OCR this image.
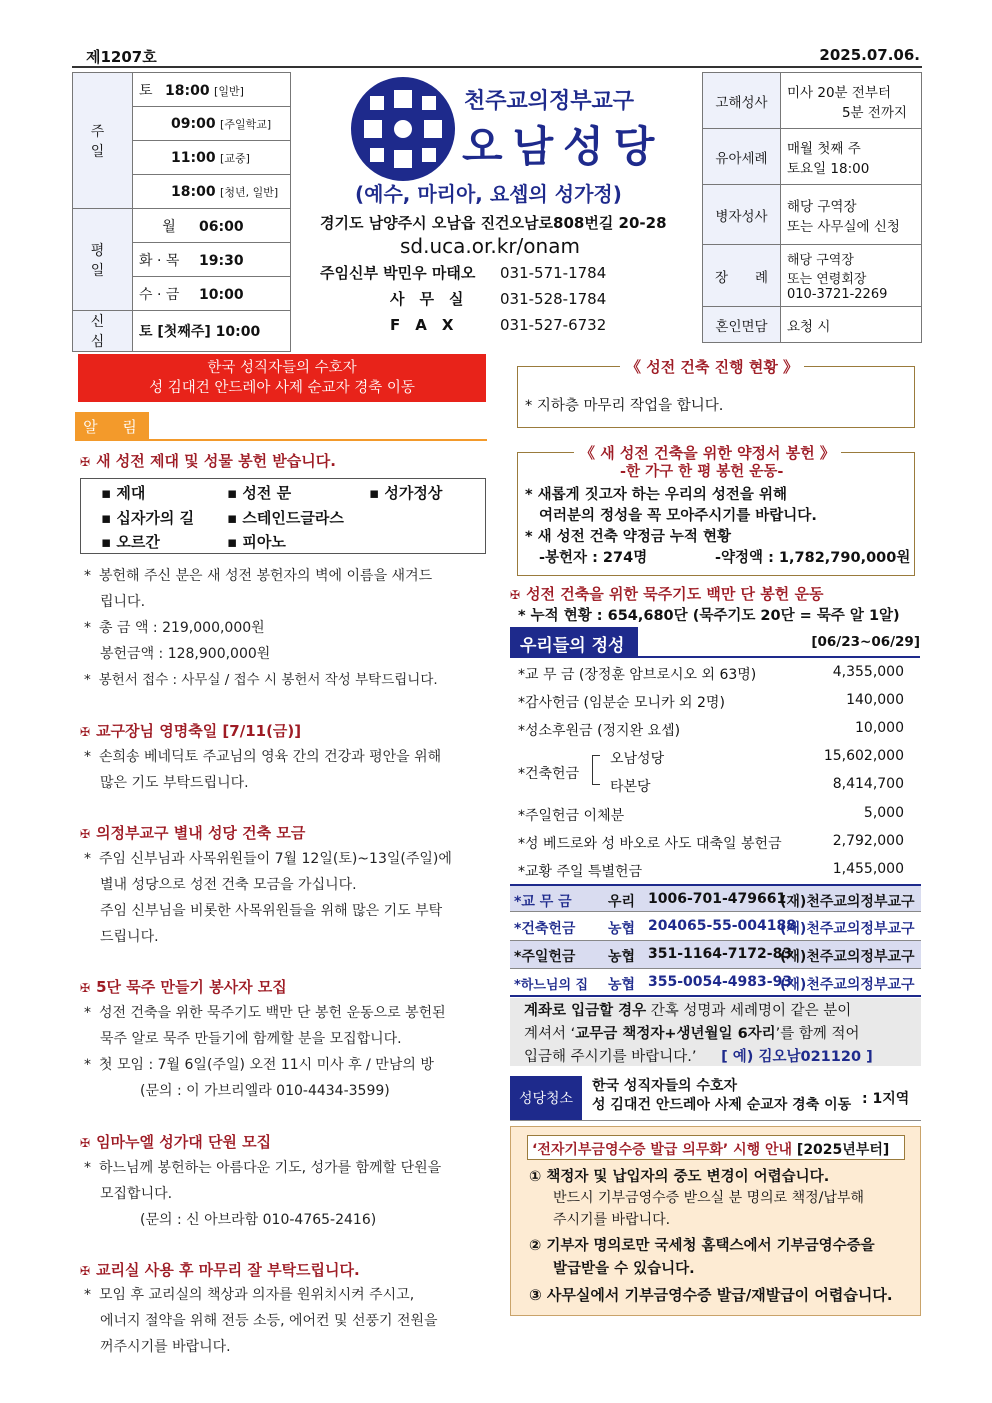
제1207호	2025.07.06.
주 일	토 18:00 [일반]
	09:00 [주일학교]
	11:00 [교중]
	18:00 [청년, 일반]
평 일	월 06:00
	화 · 목 19:30
	수 · 금 10:00
신 심	토 [첫째주] 10:00
천주교의정부교구
오남성당
(예수, 마리아, 요셉의 성가정)
경기도 남양주시 오남읍 진건오남로808번길 20-28
sd.uca.or.kr/onam
주임신부 박민우 마태오 031-571-1784
사　무　실 031-528-1784
F　A　X	031-527-6732
고해성사	미사 20분 전부터
5분 전까지

유아세례	매월 첫째 주
토요일 18:00

병자성사	해당 구역장
또는 사무실에 신청

장　　례	해당 구역장
또는 연령회장
010-3721-2269

혼인면담	요청 시
한국 성직자들의 수호자
성 김대건 안드레아 사제 순교자 경축 이동
알 림
✠ 새 성전 제대 및 성물 봉헌 받습니다.
▪ 제대	▪ 성전 문	▪ 성가정상
▪ 십자가의 길 ▪ 스테인드글라스
▪ 오르간	▪ 피아노
* 봉헌해 주신 분은 새 성전 봉헌자의 벽에 이름을 새겨드
립니다.
* 총 금 액 : 219,000,000원
봉헌금액 : 128,900,000원
* 봉헌서 접수 : 사무실 / 접수 시 봉헌서 작성 부탁드립니다.
✠ 교구장님 영명축일 [7/11(금)]
* 손희송 베네딕토 주교님의 영육 간의 건강과 평안을 위해
많은 기도 부탁드립니다.
✠ 의정부교구 별내 성당 건축 모금
* 주임 신부님과 사목위원들이 7월 12일(토)~13일(주일)에
별내 성당으로 성전 건축 모금을 가십니다.
주임 신부님을 비롯한 사목위원들을 위해 많은 기도 부탁
드립니다.
✠ 5단 묵주 만들기 봉사자 모집
* 성전 건축을 위한 묵주기도 백만 단 봉헌 운동으로 봉헌된
묵주 알로 묵주 만들기에 함께할 분을 모집합니다.
* 첫 모임 : 7월 6일(주일) 오전 11시 미사 후 / 만남의 방
(문의 : 이 가브리엘라 010-4434-3599)
✠ 임마누엘 성가대 단원 모집
* 하느님께 봉헌하는 아름다운 기도, 성가를 함께할 단원을
모집합니다.
(문의 : 신 아브라함 010-4765-2416)
✠ 교리실 사용 후 마무리 잘 부탁드립니다.
* 모임 후 교리실의 책상과 의자를 원위치시켜 주시고,
에너지 절약을 위해 전등 소등, 에어컨 및 선풍기 전원을
꺼주시기를 바랍니다.
《 성전 건축 진행 현황 》
* 지하층 마무리 작업을 합니다.
《 새 성전 건축을 위한 약정서 봉헌 》
-한 가구 한 평 봉헌 운동-
* 새롭게 짓고자 하는 우리의 성전을 위해
여러분의 정성을 꼭 모아주시기를 바랍니다.
* 새 성전 건축 약정금 누적 현황
-봉헌자 : 274명	-약정액 : 1,782,790,000원
✠ 성전 건축을 위한 묵주기도 백만 단 봉헌 운동
* 누적 현황 : 654,680단 (묵주기도 20단 = 묵주 알 1알)
우리들의 정성	[06/23~06/29]
*교 무 금 (장정훈 암브로시오 외 63명)	4,355,000
*감사헌금 (임분순 모니카 외 2명)	140,000
*성소후원금 (정지완 요셉)	10,000
*건축헌금
오남성당	15,602,000
타본당	8,414,700
*주일헌금 이체분	5,000
*성 베드로와 성 바오로 사도 대축일 봉헌금	2,792,000
*교황 주일 특별헌금	1,455,000
*교 무 금	우리 1006-701-479661
(재)천주교의정부교구
*건축헌금 농협 204065-55-004188
(재)천주교의정부교구
*주일헌금 농협 351-1164-7172-83
(재)천주교의정부교구
*하느님의 집 농협 355-0054-4983-93
(재)천주교의정부교구
계좌로 입금할 경우 간혹 성명과 세례명이 같은 분이
계셔서 ‘교무금 책정자+생년월일 6자리’를 함께 적어
입금해 주시기를 바랍니다.’ [ 예) 김오남021120 ]
성당청소
한국 성직자들의 수호자
성 김대건 안드레아 사제 순교자 경축 이동 : 1지역
‘전자기부금영수증 발급 의무화’ 시행 안내 [2025년부터]
① 책정자 및 납입자의 중도 변경이 어렵습니다.
반드시 기부금영수증 받으실 분 명의로 책정/납부해
주시기를 바랍니다.
② 기부자 명의로만 국세청 홈택스에서 기부금영수증을
발급받을 수 있습니다.
③ 사무실에서 기부금영수증 발급/재발급이 어렵습니다.
